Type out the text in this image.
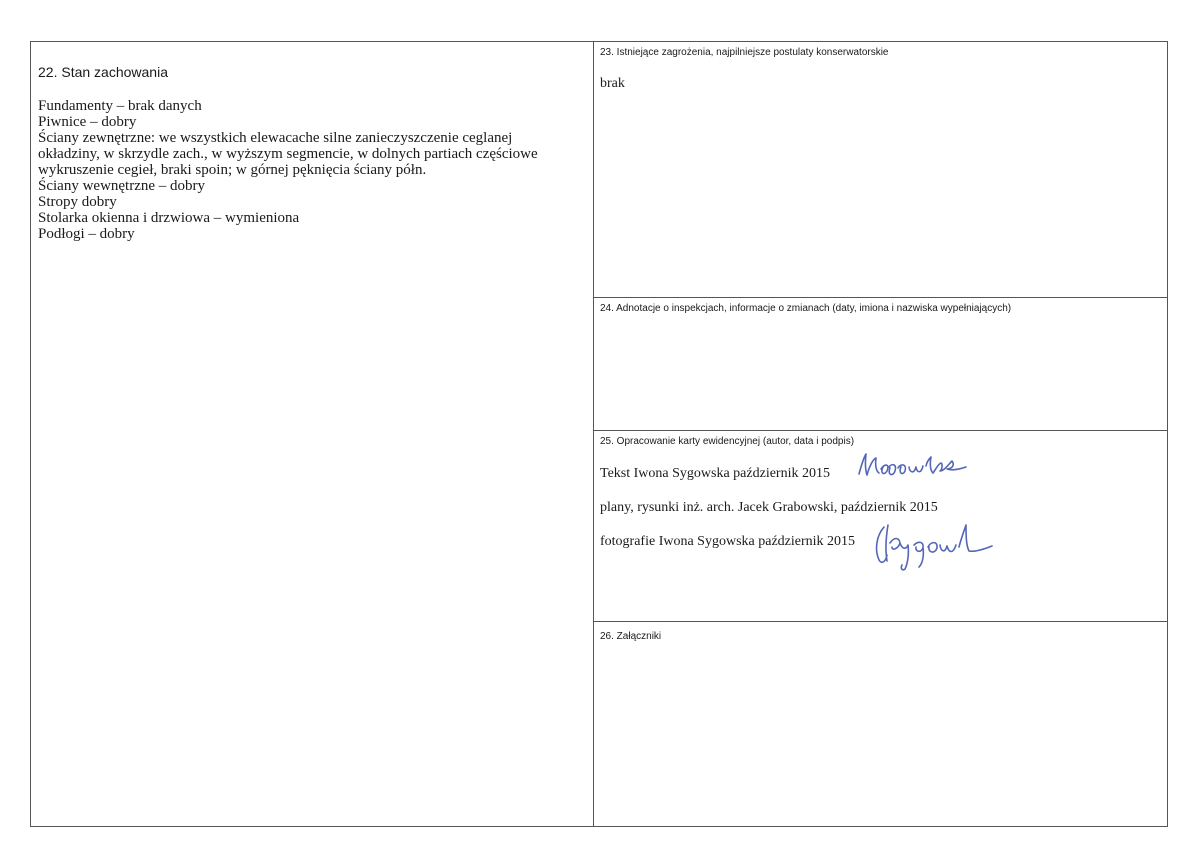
22. Stan zachowania
Fundamenty – brak danych
Piwnice – dobry
Ściany zewnętrzne: we wszystkich elewacache silne zanieczyszczenie ceglanej
okładziny, w skrzydle zach., w wyższym segmencie, w dolnych partiach częściowe
wykruszenie cegieł, braki spoin; w górnej pęknięcia ściany półn.
Ściany wewnętrzne – dobry
Stropy dobry
Stolarka okienna i drzwiowa – wymieniona
Podłogi – dobry
23. Istniejące zagrożenia, najpilniejsze postulaty konserwatorskie
brak
24. Adnotacje o inspekcjach, informacje o zmianach (daty, imiona i nazwiska wypełniających)
25. Opracowanie karty ewidencyjnej (autor, data i podpis)
Tekst Iwona Sygowska październik 2015
plany, rysunki inż. arch. Jacek Grabowski, październik 2015
fotografie Iwona Sygowska październik 2015
26. Załączniki
